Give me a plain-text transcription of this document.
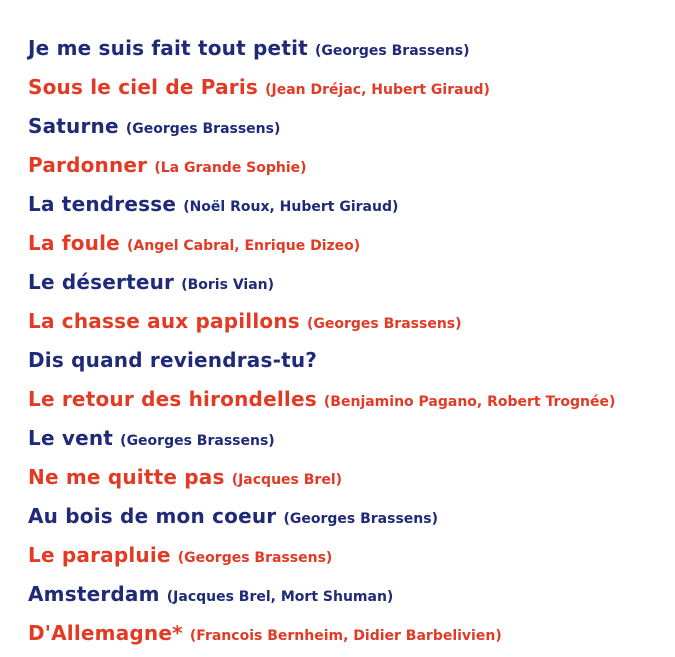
Je me suis fait tout petit (Georges Brassens)
Sous le ciel de Paris (Jean Dréjac, Hubert Giraud)
Saturne (Georges Brassens)
Pardonner (La Grande Sophie)
La tendresse (Noël Roux, Hubert Giraud)
La foule (Angel Cabral, Enrique Dizeo)
Le déserteur (Boris Vian)
La chasse aux papillons (Georges Brassens)
Dis quand reviendras-tu?
Le retour des hirondelles (Benjamino Pagano, Robert Trognée)
Le vent (Georges Brassens)
Ne me quitte pas (Jacques Brel)
Au bois de mon coeur (Georges Brassens)
Le parapluie (Georges Brassens)
Amsterdam (Jacques Brel, Mort Shuman)
D'Allemagne* (Francois Bernheim, Didier Barbelivien)
